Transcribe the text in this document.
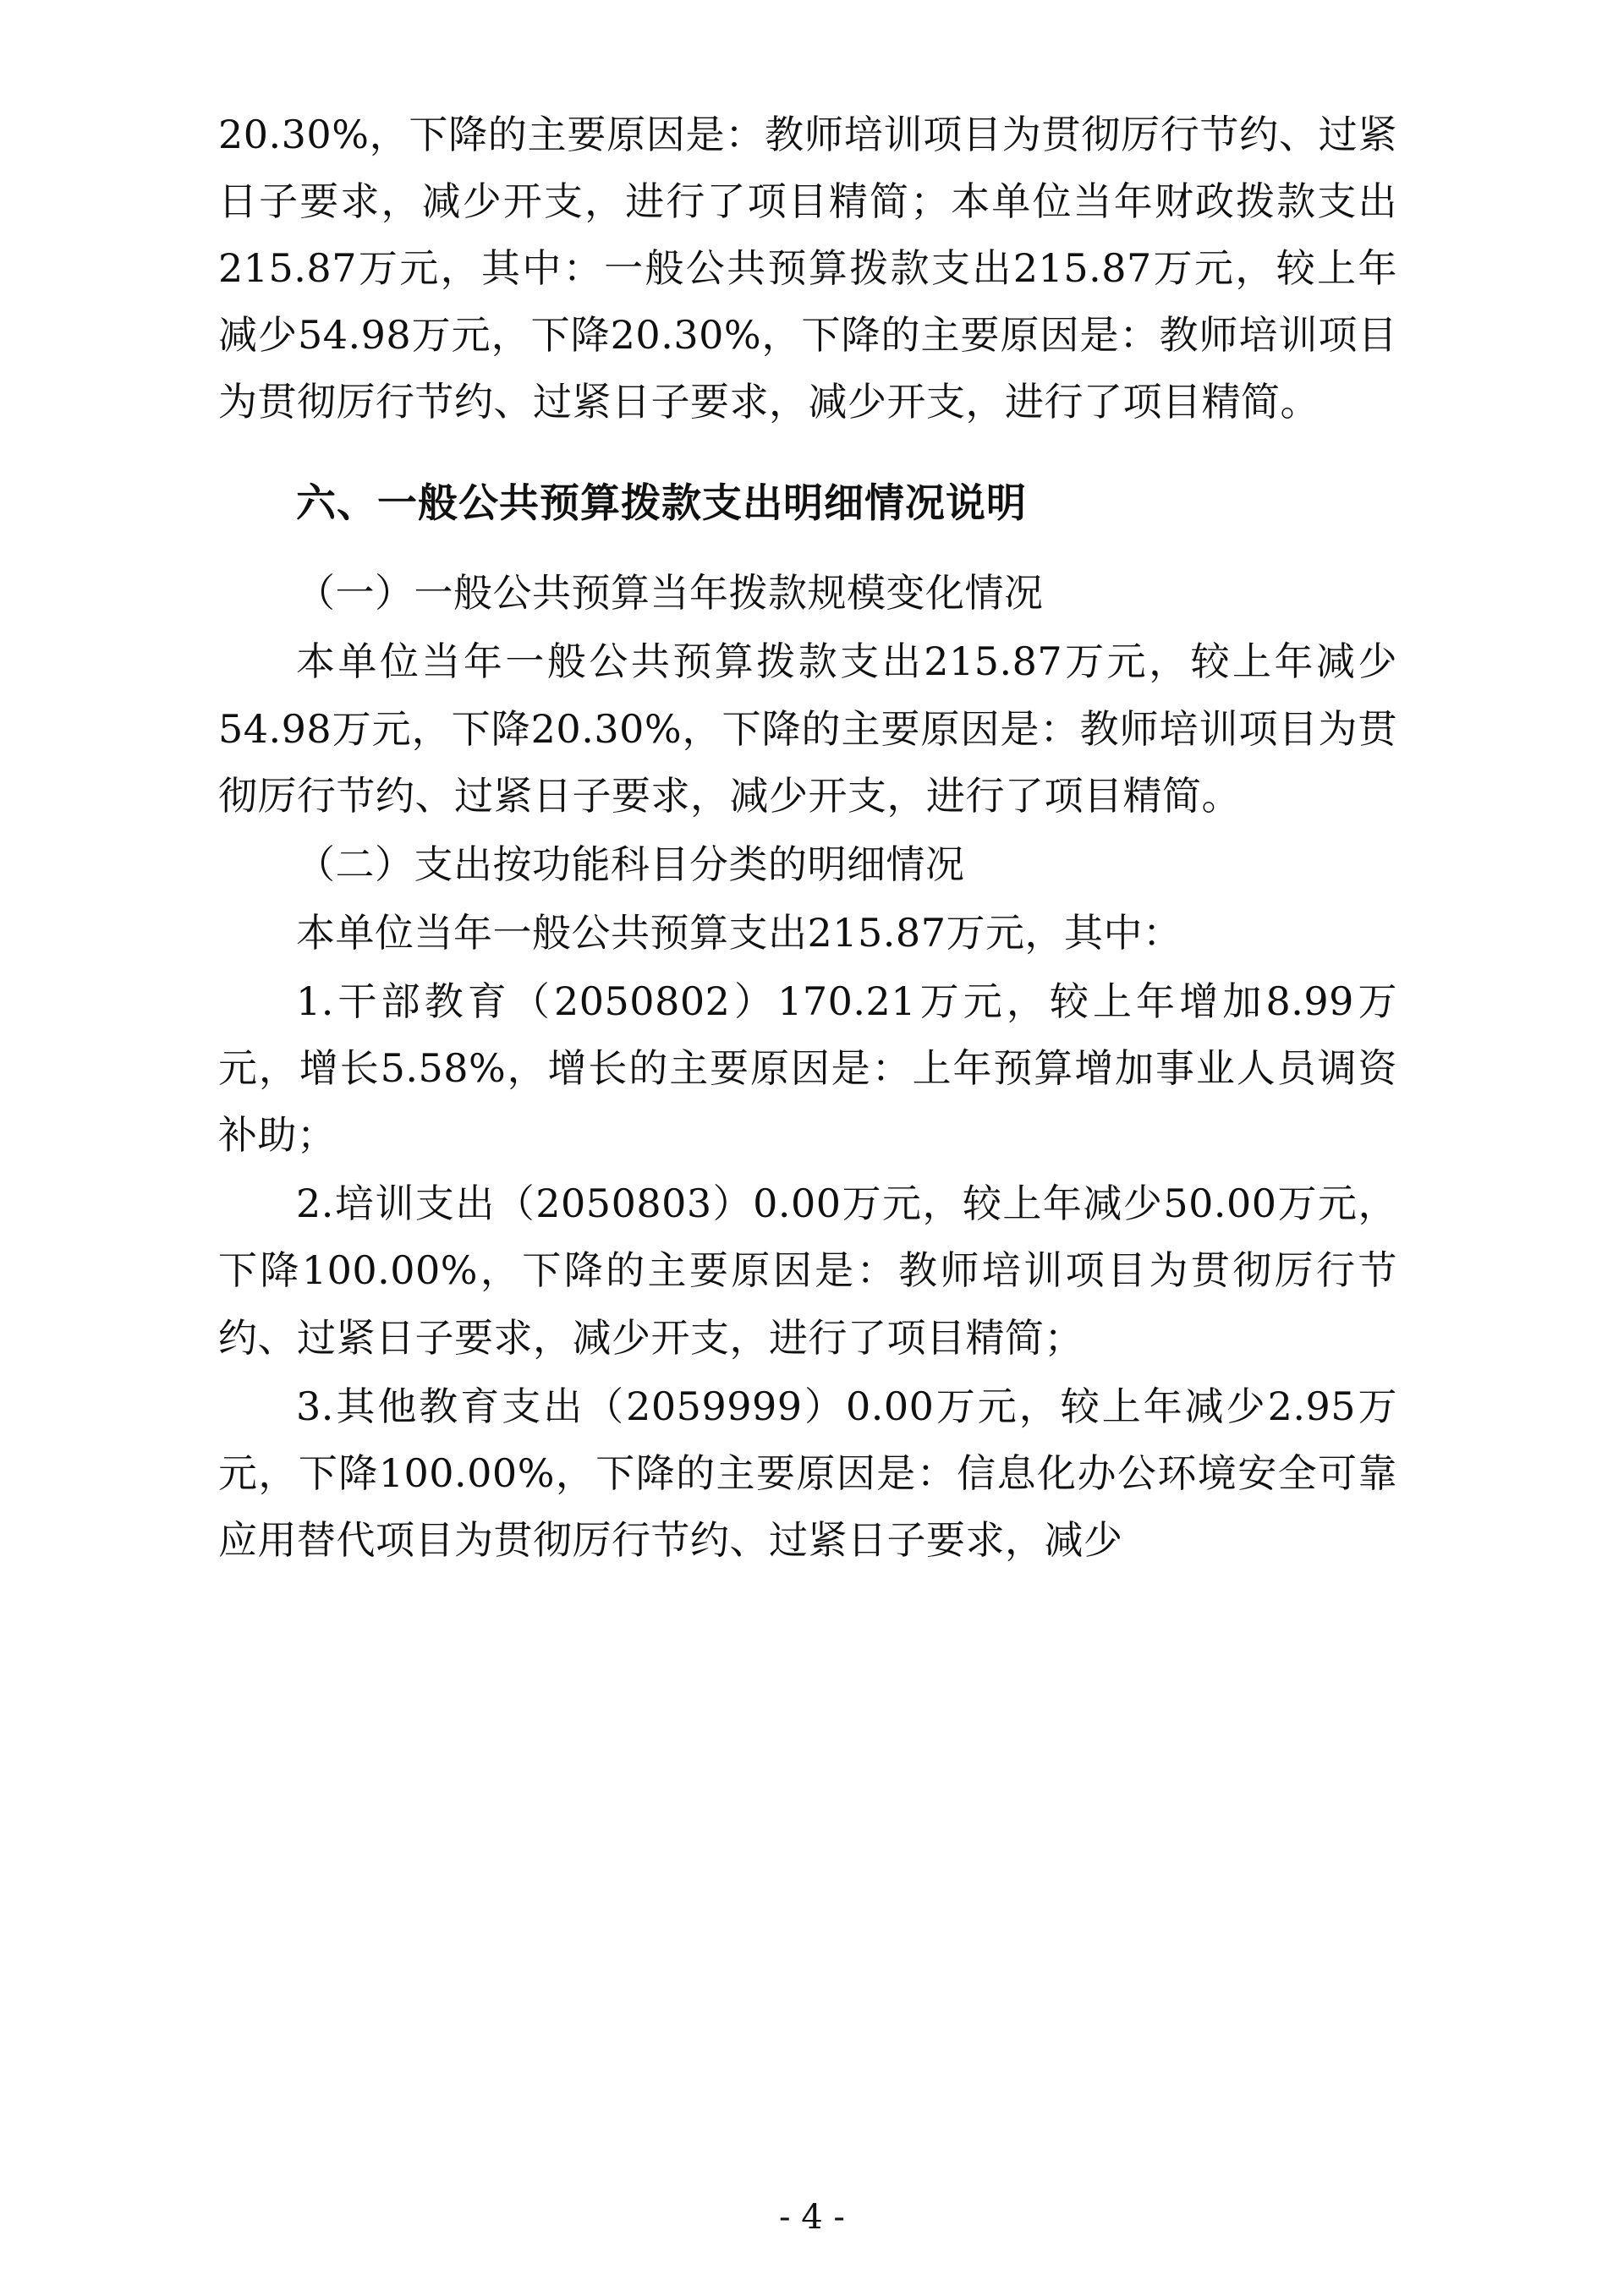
20.30%，下降的主要原因是：教师培训项目为贯彻厉行节约、过紧日子要求，减少开支，进行了项目精简；本单位当年财政拨款支出215.87万元，其中：一般公共预算拨款支出215.87万元，较上年减少54.98万元，下降20.30%，下降的主要原因是：教师培训项目为贯彻厉行节约、过紧日子要求，减少开支，进行了项目精简。

六、一般公共预算拨款支出明细情况说明

（一）一般公共预算当年拨款规模变化情况

本单位当年一般公共预算拨款支出215.87万元，较上年减少54.98万元，下降20.30%，下降的主要原因是：教师培训项目为贯彻厉行节约、过紧日子要求，减少开支，进行了项目精简。

（二）支出按功能科目分类的明细情况

本单位当年一般公共预算支出215.87万元，其中：

1.干部教育（2050802）170.21万元，较上年增加8.99万元，增长5.58%，增长的主要原因是：上年预算增加事业人员调资补助；

2.培训支出（2050803）0.00万元，较上年减少50.00万元，下降100.00%，下降的主要原因是：教师培训项目为贯彻厉行节约、过紧日子要求，减少开支，进行了项目精简；

3.其他教育支出（2059999）0.00万元，较上年减少2.95万元，下降100.00%，下降的主要原因是：信息化办公环境安全可靠应用替代项目为贯彻厉行节约、过紧日子要求，减少

- 4 -
